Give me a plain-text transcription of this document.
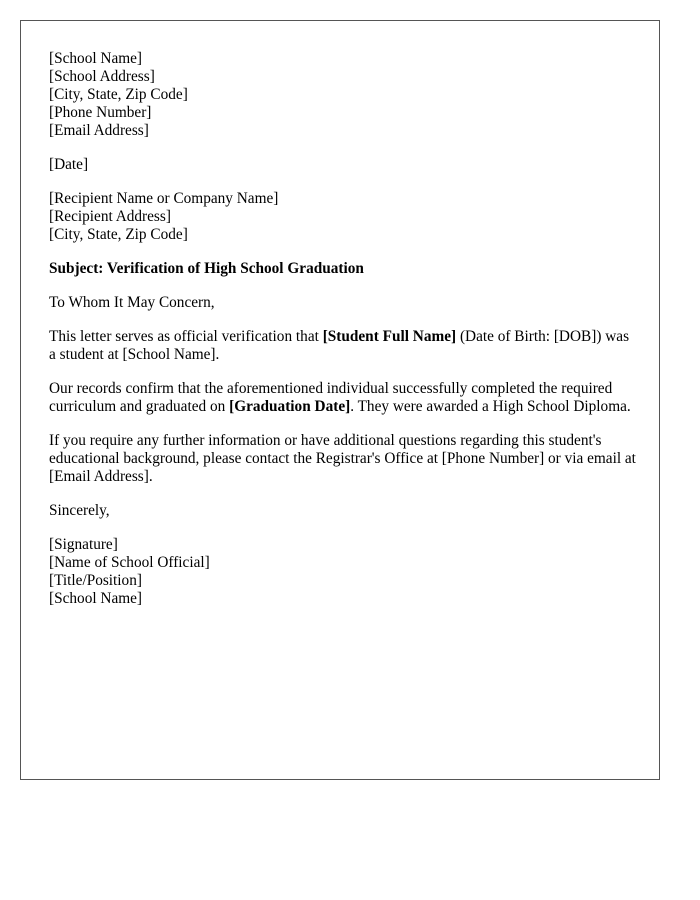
[School Name]
[School Address]
[City, State, Zip Code]
[Phone Number]
[Email Address]
[Date]
[Recipient Name or Company Name]
[Recipient Address]
[City, State, Zip Code]
Subject: Verification of High School Graduation
To Whom It May Concern,

This letter serves as official verification that [Student Full Name] (Date of Birth: [DOB]) was a student at [School Name].

Our records confirm that the aforementioned individual successfully completed the required curriculum and graduated on [Graduation Date]. They were awarded a High School Diploma.

If you require any further information or have additional questions regarding this student's educational background, please contact the Registrar's Office at [Phone Number] or via email at [Email Address].

Sincerely,
[Signature]
[Name of School Official]
[Title/Position]
[School Name]
